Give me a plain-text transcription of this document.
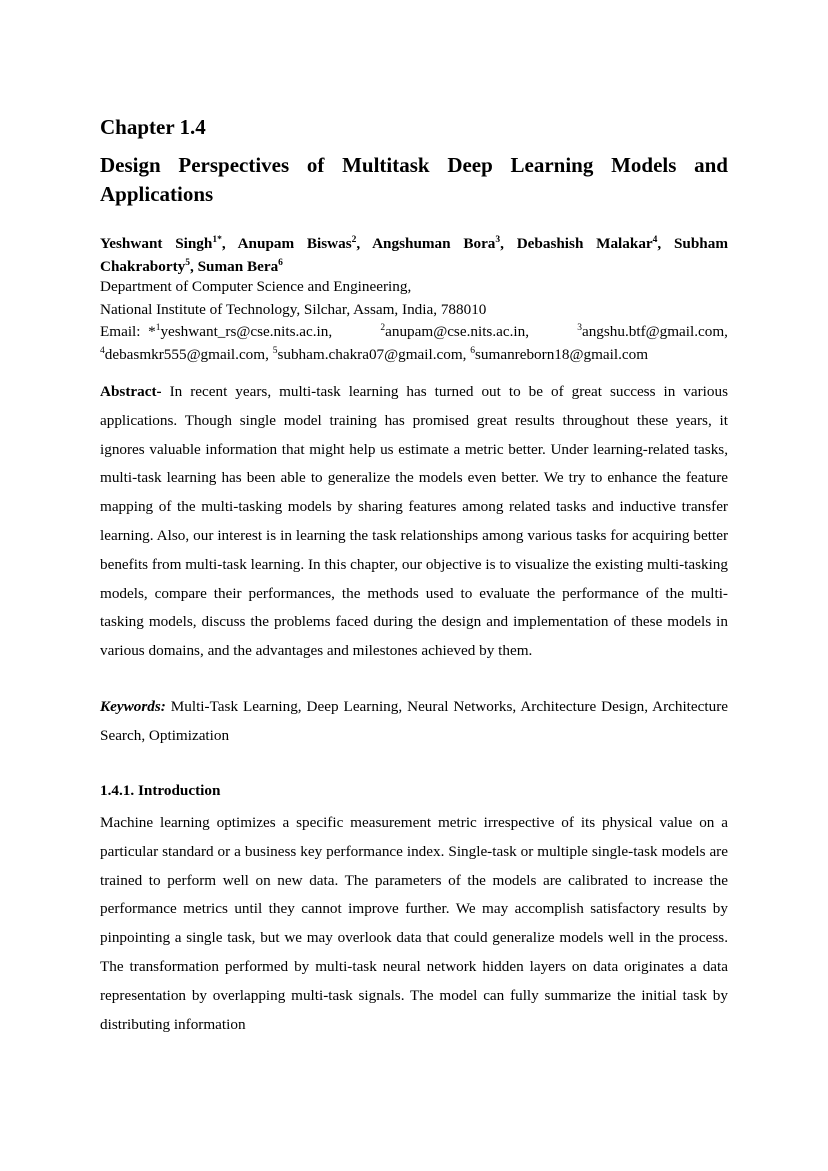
Chapter 1.4
Design Perspectives of Multitask Deep Learning Models and Applications

Yeshwant Singh$^{1*}$, Anupam Biswas$^2$, Angshuman Bora$^3$, Debashish Malakar$^4$, Subham Chakraborty$^5$, Suman Bera$^6$

Department of Computer Science and Engineering,
National Institute of Technology, Silchar, Assam, India, 788010
Email: *$^1$yeshwant_rs@cse.nits.ac.in,	$^2$anupam@cse.nits.ac.in,	$^3$angshu.btf@gmail.com,
$^4$debasmkr555@gmail.com, $^5$subham.chakra07@gmail.com, $^6$sumanreborn18@gmail.com

Abstract- In recent years, multi-task learning has turned out to be of great success in various applications. Though single model training has promised great results throughout these years, it ignores valuable information that might help us estimate a metric better. Under learning-related tasks, multi-task learning has been able to generalize the models even better. We try to enhance the feature mapping of the multi-tasking models by sharing features among related tasks and inductive transfer learning. Also, our interest is in learning the task relationships among various tasks for acquiring better benefits from multi-task learning. In this chapter, our objective is to visualize the existing multi-tasking models, compare their performances, the methods used to evaluate the performance of the multi-tasking models, discuss the problems faced during the design and implementation of these models in various domains, and the advantages and milestones achieved by them.

Keywords: Multi-Task Learning, Deep Learning, Neural Networks, Architecture Design, Architecture Search, Optimization

1.4.1. Introduction

Machine learning optimizes a specific measurement metric irrespective of its physical value on a particular standard or a business key performance index. Single-task or multiple single-task models are trained to perform well on new data. The parameters of the models are calibrated to increase the performance metrics until they cannot improve further. We may accomplish satisfactory results by pinpointing a single task, but we may overlook data that could generalize models well in the process. The transformation performed by multi-task neural network hidden layers on data originates a data representation by overlapping multi-task signals. The model can fully summarize the initial task by distributing information
